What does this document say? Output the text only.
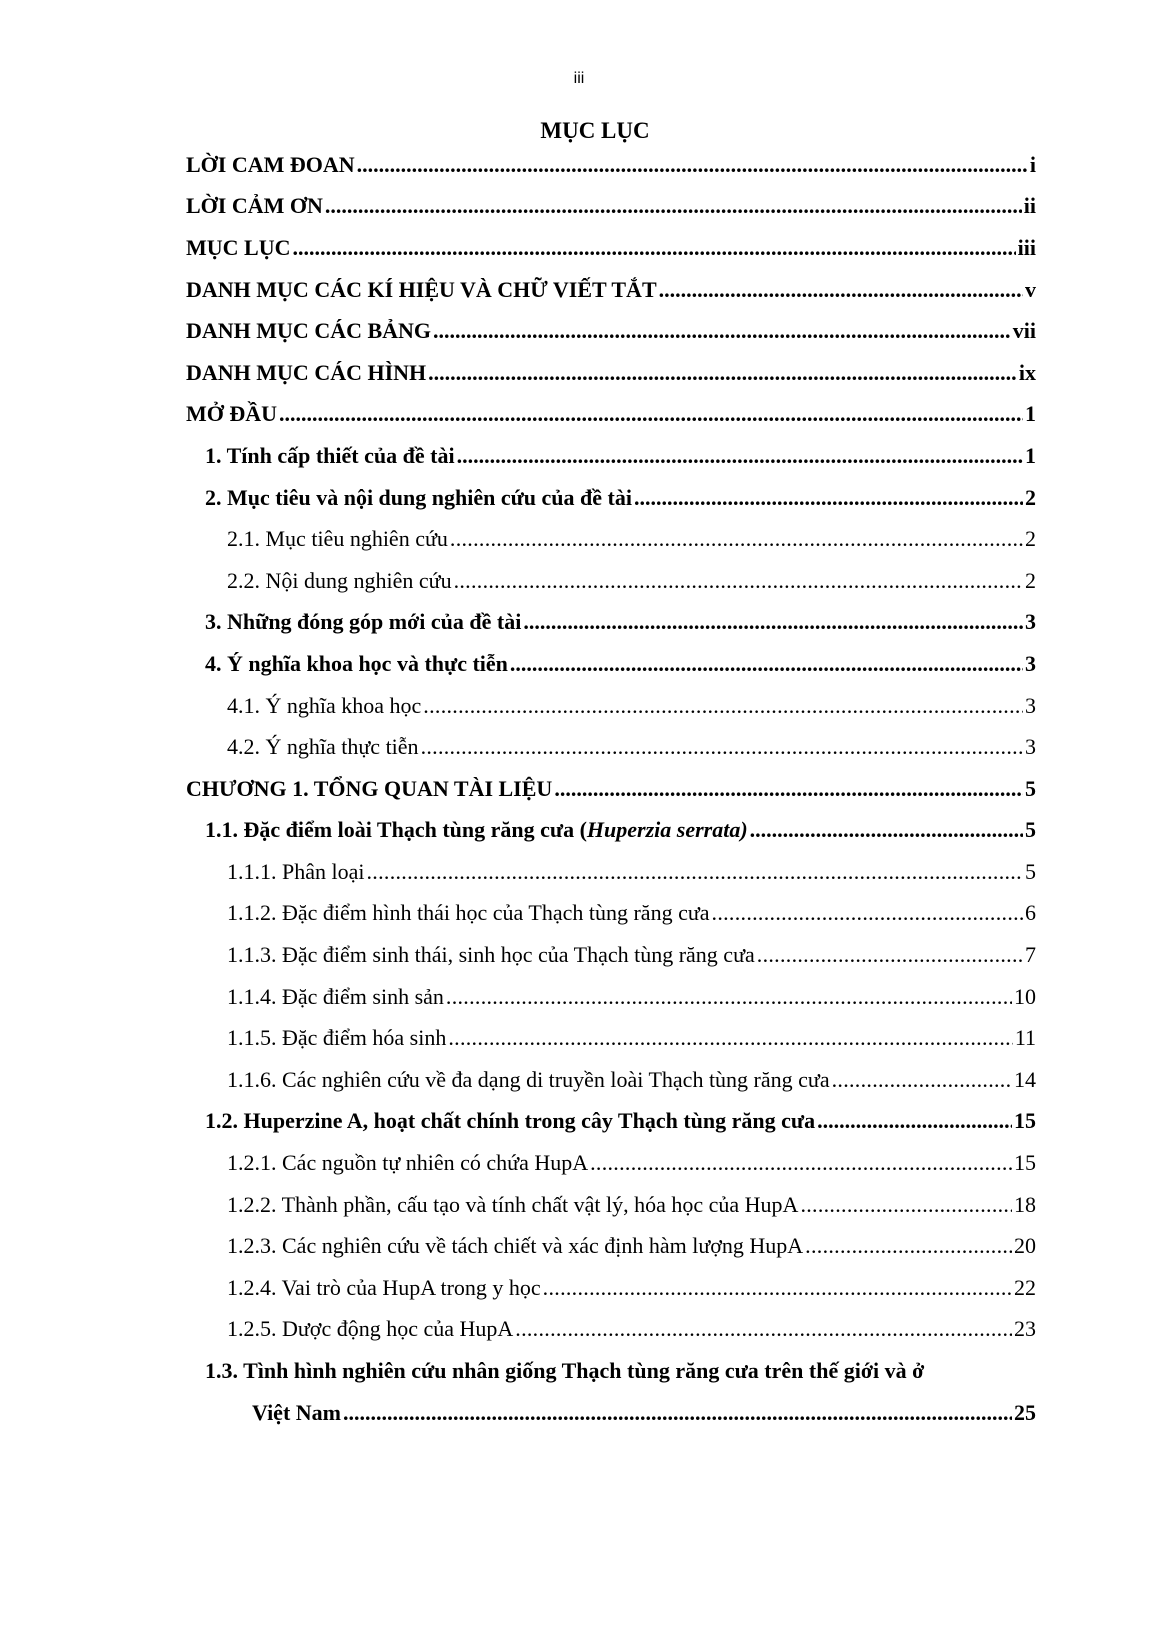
iii
MỤC LỤC
LỜI CAM ĐOAN .....	i
LỜI CẢM ƠN .....	ii
MỤC LỤC .....	iii
DANH MỤC CÁC KÍ HIỆU VÀ CHỮ VIẾT TẮT .....	v
DANH MỤC CÁC BẢNG .....	vii
DANH MỤC CÁC HÌNH .....	ix
MỞ ĐẦU .....	1
1. Tính cấp thiết của đề tài .....	1
2. Mục tiêu và nội dung nghiên cứu của đề tài .....	2
2.1. Mục tiêu nghiên cứu .....	2
2.2. Nội dung nghiên cứu .....	2
3. Những đóng góp mới của đề tài .....	3
4. Ý nghĩa khoa học và thực tiễn .....	3
4.1. Ý nghĩa khoa học .....	3
4.2. Ý nghĩa thực tiễn .....	3
CHƯƠNG 1. TỔNG QUAN TÀI LIỆU .....	5
1.1. Đặc điểm loài Thạch tùng răng cưa (Huperzia serrata) .....	5
1.1.1. Phân loại .....	5
1.1.2. Đặc điểm hình thái học của Thạch tùng răng cưa .....	6
1.1.3. Đặc điểm sinh thái, sinh học của Thạch tùng răng cưa .....	7
1.1.4. Đặc điểm sinh sản .....	10
1.1.5. Đặc điểm hóa sinh .....	11
1.1.6. Các nghiên cứu về đa dạng di truyền loài Thạch tùng răng cưa .....	14
1.2. Huperzine A, hoạt chất chính trong cây Thạch tùng răng cưa .....	15
1.2.1. Các nguồn tự nhiên có chứa HupA .....	15
1.2.2. Thành phần, cấu tạo và tính chất vật lý, hóa học của HupA .....	18
1.2.3. Các nghiên cứu về tách chiết và xác định hàm lượng HupA .....	20
1.2.4. Vai trò của HupA trong y học .....	22
1.2.5. Dược động học của HupA .....	23
1.3. Tình hình nghiên cứu nhân giống Thạch tùng răng cưa trên thế giới và ở
Việt Nam .....	25
